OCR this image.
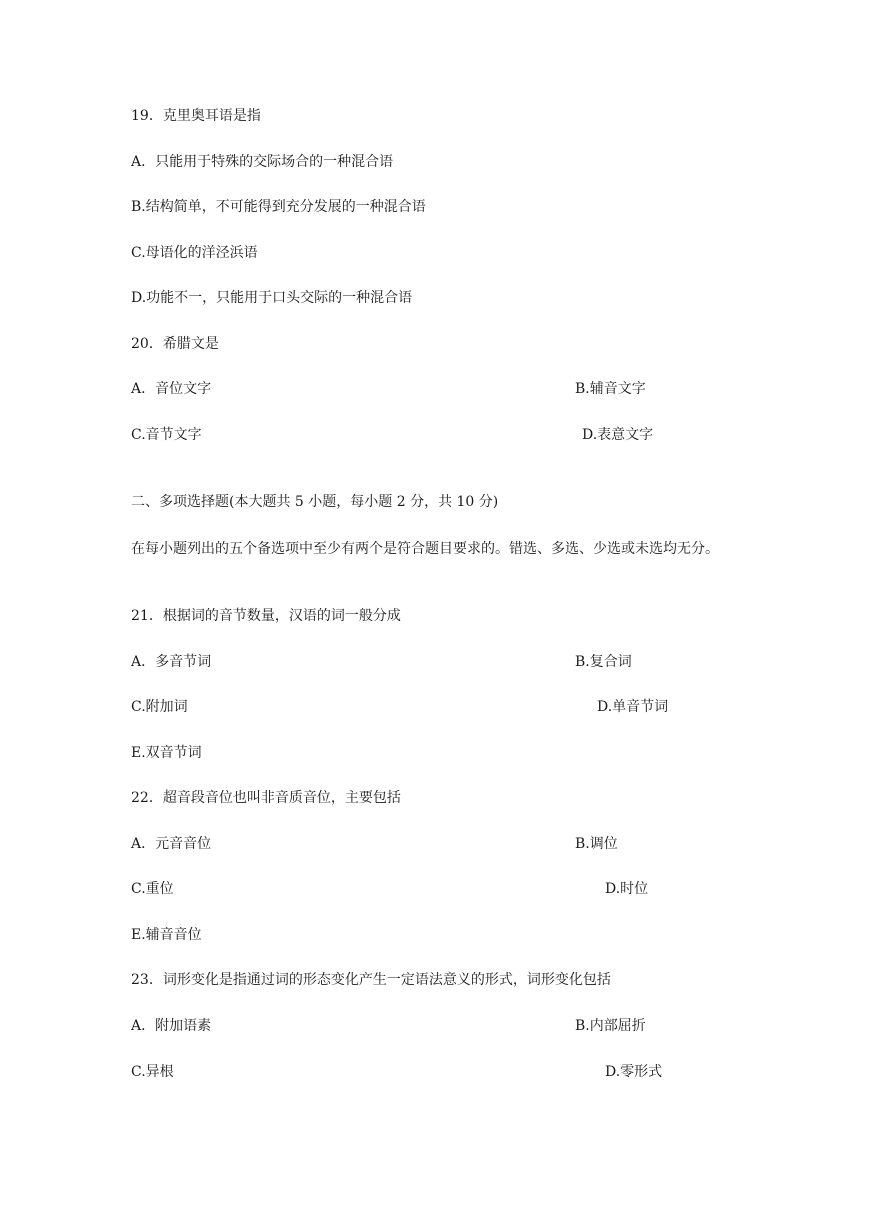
19．克里奥耳语是指
A．只能用于特殊的交际场合的一种混合语
B.结构简单，不可能得到充分发展的一种混合语
C.母语化的洋泾浜语
D.功能不一，只能用于口头交际的一种混合语
20．希腊文是
A．音位文字	B.辅音文字
C.音节文字	D.表意文字
二、多项选择题(本大题共 5 小题，每小题 2 分，共 10 分)
在每小题列出的五个备选项中至少有两个是符合题目要求的。错选、多选、少选或未选均无分。
21．根据词的音节数量，汉语的词一般分成
A．多音节词	B.复合词
C.附加词	D.单音节词
E.双音节词
22．超音段音位也叫非音质音位，主要包括
A．元音音位	B.调位
C.重位	D.时位
E.辅音音位
23．词形变化是指通过词的形态变化产生一定语法意义的形式，词形变化包括
A．附加语素	B.内部屈折
C.异根	D.零形式
